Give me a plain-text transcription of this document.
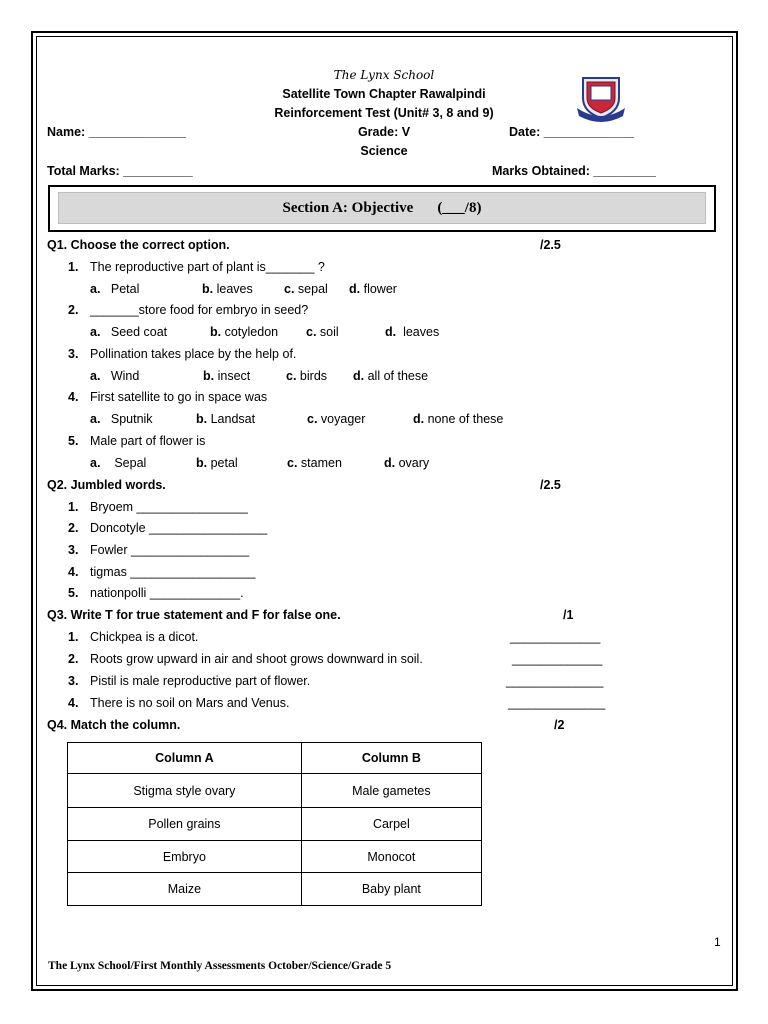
The Lynx School
Satellite Town Chapter Rawalpindi
Reinforcement Test (Unit# 3, 8 and 9)
Name: ______________	Grade: V	Date: _____________
Science
Total Marks: __________	Marks Obtained: _________
Section A: Objective (___/8)
Q1. Choose the correct option.	/2.5
1. The reproductive part of plant is_______ ?
a. Petal	b. leaves	c. sepal d. flower
2. _______store food for embryo in seed?
a. Seed coat	b. cotyledon c. soil	d. leaves
3. Pollination takes place by the help of.
a. Wind	b. insect	c. birds d. all of these
4. First satellite to go in space was
a. Sputnik	b. Landsat	c. voyager	d. none of these
5. Male part of flower is
a. Sepal	b. petal	c. stamen	d. ovary
Q2. Jumbled words.	/2.5
1. Bryoem ________________
2. Doncotyle _________________
3. Fowler _________________
4. tigmas __________________
5. nationpolli _____________.
Q3. Write T for true statement and F for false one.	/1
1. Chickpea is a dicot.	_____________
2. Roots grow upward in air and shoot grows downward in soil.	_____________
3. Pistil is male reproductive part of flower.	______________
4. There is no soil on Mars and Venus.	______________
Q4. Match the column.	/2
Column A	Column B
Stigma style ovary	Male gametes
Pollen grains	Carpel
Embryo	Monocot
Maize	Baby plant
1
The Lynx School/First Monthly Assessments October/Science/Grade 5
